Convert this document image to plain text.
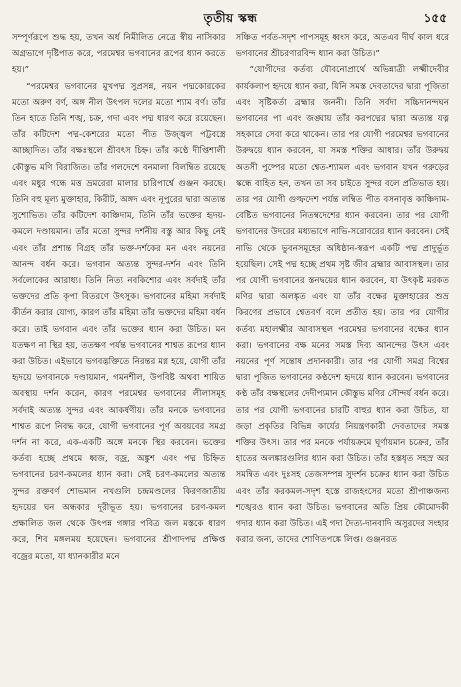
তৃতীয় স্কন্ধ	১৫৫

সম্পূর্ণরূপে শুদ্ধ হয়, তখন অর্ধ নিমীলিত নেত্রে স্বীয় নাসিকার অগ্রভাগে দৃষ্টিপাত করে, পরমেশ্বর ভগবানের রূপের ধ্যান করতে হয়।”

“পরমেশ্বর ভগবানের মুখপদ্ম সুপ্রসন্ন, নয়ন পদ্মকোরকের মতো অরুণ বর্ণ, অঙ্গ নীল উৎপল দলের মতো শ্যাম বর্ণ। তাঁর তিন হাতে তিনি শঙ্খ, চক্র, গদা এবং পদ্ম ধারণ করে রয়েছেন। তাঁর কটিদেশ পদ্ম-কেশরের মতো পীত উজ্জ্বল পট্টবস্ত্রে আচ্ছাদিত। তাঁর বক্ষঃস্থলে শ্রীবৎস চিহ্ন। তাঁর কণ্ঠে দীপ্তিশালী কৌস্তুভ মণি বিরাজিত। তাঁর গলদেশে বনমালা বিলম্বিত রয়েছে এবং মধুর গন্ধে মত্ত ভ্রমরেরা মালার চারিপার্শ্বে গুঞ্জন করছে। তিনি বহু মূল্য মুক্তাহার, কিরীট, অঙ্গদ এবং নূপুরের দ্বারা অত্যন্ত সুশোভিত। তাঁর কটিদেশ কাঞ্চিদাম, তিনি তাঁর ভক্তের হৃদয়-কমলে দণ্ডায়মান। তাঁর মতো সুন্দর দর্শনীয় বস্তু আর কিছু নেই এবং তাঁর প্রশান্ত বিগ্রহ তাঁর ভক্ত-দর্শকের মন এবং নয়নের আনন্দ বর্ধন করে। ভগবান অত্যন্ত সুন্দর-দর্শন এবং তিনি সর্বলোকের আরাধ্য। তিনি নিত্য নবকিশোর এবং সর্বদাই তাঁর ভক্তদের প্রতি কৃপা বিতরণে উৎসুক। ভগবানের মহিমা সর্বদাই কীর্তন করার যোগ্য, কারণ তাঁর মহিমা তাঁর ভক্তদের মহিমা বর্ধন করে। তাই ভগবান এবং তাঁর ভক্তের ধ্যান করা উচিত। মন যতক্ষণ না স্থির হয়, ততক্ষণ পর্যন্ত ভগবানের শাশ্বত রূপের ধ্যান করা উচিত। এইভাবে ভগবদ্ভক্তিতে নিরন্তর মগ্ন হয়ে, যোগী তাঁর হৃদয়ে ভগবানকে দণ্ডায়মান, গমনশীল, উপবিষ্ট অথবা শায়িত অবস্থায় দর্শন করেন, কারণ পরমেশ্বর ভগবানের লীলাসমূহ সর্বদাই অত্যন্ত সুন্দর এবং আকর্ষণীয়। তাঁর মনকে ভগবানের শাশ্বত রূপে নিবদ্ধ করে, যোগী ভগবানের পূর্ণ অবয়বের সমগ্র দর্শন না করে, এক-একটি অঙ্গে মনকে স্থির করবেন। ভক্তের কর্তব্য হচ্ছে প্রথমে ধ্বজ, বজ্র, অঙ্কুশ এবং পদ্ম চিহ্নিত ভগবানের চরণ-কমলের ধ্যান করা। সেই চরণ-কমলের অত্যন্ত সুন্দর রক্তবর্ণ শোভমান নখগুলি চন্দ্রমণ্ডলের কিরণজাতীয় হৃদয়ের ঘন অন্ধকার দূরীভূত হয়। ভগবানের চরণ-কমল প্রক্ষালিত জল থেকে উৎপন্ন গঙ্গার পবিত্র জল মস্তকে ধারণ করে, শিব মঙ্গলময় হয়েছেন। ভগবানের শ্রীপাদপদ্ম প্রক্ষিপ্ত বজ্রের মতো, যা ধ্যানকারীর মনে

সঞ্চিত পর্বত-সদৃশ পাপসমূহ ধ্বংস করে, অতএব দীর্ঘ কাল ধরে ভগবানের শ্রীচরণারবিন্দ ধ্যান করা উচিত।”

“যোগীদের কর্তব্য যৌবনোপ্রার্থে অভিন্নাত্রী লক্ষ্মীদেবীর কার্যকলাপ হৃদয়ে ধ্যান করা, যিনি সমস্ত দেবতাদের দ্বারা পূজিতা এবং সৃষ্টিকর্তা ব্রহ্মার জননী। তিনি সর্বদা সচ্চিদানন্দঘন ভগবানের পা এবং জঙ্ঘায় তাঁর করপদ্মের দ্বারা অত্যন্ত যত্ন সহকারে সেবা করে থাকেন। তার পর যোগী পরমেশ্বর ভগবানের উরুদ্বয়ে ধ্যান করবেন, যা সমস্ত শক্তির আধার। তাঁর উরুদ্বয় অতসী পুষ্পের মতো শ্বেত-শ্যামল এবং ভগবান যখন গরুড়ের স্কন্ধে বাহিত হন, তখন তা সব চাইতে সুন্দর বলে প্রতিভাত হয়। তার পর যোগী গুল্ফদেশ পর্যন্ত লম্বিত পীত বসনাবৃত্ত কাঞ্চিদাম-বেষ্টিত ভগবানের নিতম্বদেশের ধ্যান করবেন। তার পর যোগী ভগবানের উদরের মধ্যভাগে নাভি-সরোবরের ধ্যান করবেন। সেই নাভি থেকে ভুবনসমূহের অধিষ্ঠান-স্বরূপ একটি পদ্ম প্রাদুর্ভূত হয়েছিল। সেই পদ্ম হচ্ছে প্রথম সৃষ্ট জীব ব্রহ্মার আবাসস্থল। তার পর যোগী ভগবানের স্তনদ্বয়ের ধ্যান করবেন, যা উৎকৃষ্ট মরকত মণির দ্বারা অলঙ্কৃত এবং যা তাঁর বক্ষের মুক্তাহারের শুভ্র কিরণের প্রভাবে শ্বেতবর্ণ বলে প্রতীত হয়। তার পর যোগীর কর্তব্য মহালক্ষ্মীর আবাসস্থল পরমেশ্বর ভগবানের বক্ষের ধ্যান করা। ভগবানের বক্ষ মনের সমস্ত দিব্য আনন্দের উৎস এবং নয়নের পূর্ণ সন্তোষ প্রদানকারী। তার পর যোগী সমগ্র বিশ্বের দ্বারা পূজিত ভগবানের কণ্ঠদেশ হৃদয়ে ধ্যান করবেন। ভগবানের কণ্ঠ তাঁর বক্ষস্থলের দেদীপ্যমান কৌস্তুভ মণির সৌন্দর্য বর্ধন করে। তার পর যোগী ভগবানের চারটি বাহুর ধ্যান করা উচিত, যা জড়া প্রকৃতির বিভিন্ন কার্যের নিয়ন্ত্রণকারী দেবতাদের সমস্ত শক্তির উৎস। তার পর মনকে পর্যায়ক্রমে ঘূর্ণায়মান চক্রের, তাঁর হাতের অলঙ্কারগুলির ধ্যান করা উচিত। তাঁর হস্তধৃত সহস্র অর সমন্বিত এবং দুঃসহ তেজসম্পন্ন সুদর্শন চক্রের ধ্যান করা উচিত এবং তাঁর করকমল-সদৃশ হস্তে রাজহংসের মতো শ্রীপাঞ্চজন্য শঙ্খেরও ধ্যান করা উচিত। ভগবানের অতি প্রিয় কৌমোদকী গদার ধ্যান করা উচিত। এই গদা দৈত্য-দানবাদি অসুরদের সংহার করার জন্য, তাদের শোণিতপঙ্কে লিপ্ত। গুঞ্জনরত
